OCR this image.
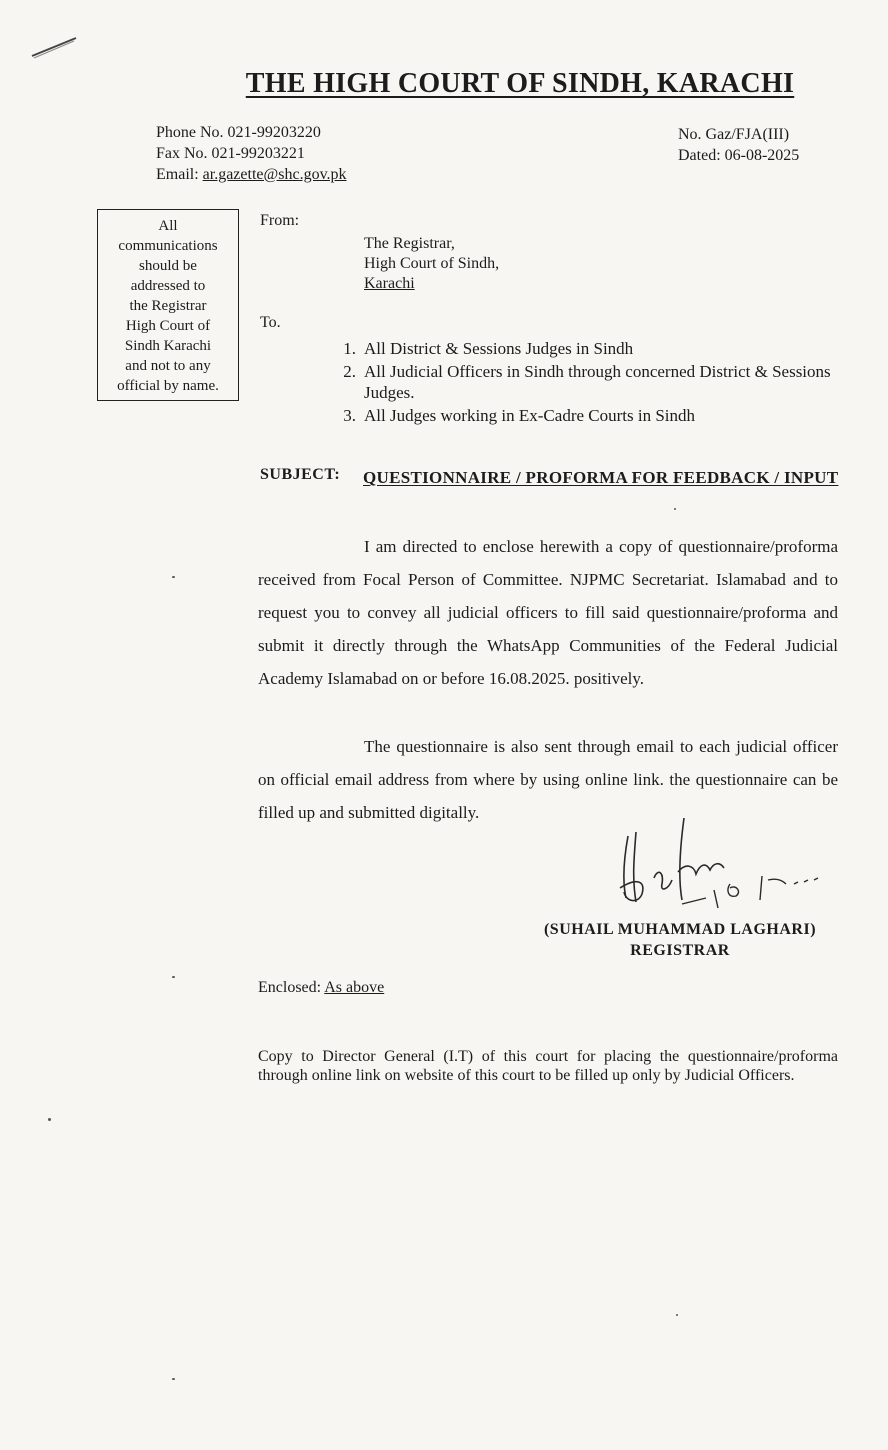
THE HIGH COURT OF SINDH, KARACHI
Phone No. 021-99203220
Fax No. 021-99203221
Email: ar.gazette@shc.gov.pk
No. Gaz/FJA(III)
Dated: 06-08-2025
All
communications
should be
addressed to
the Registrar
High Court of
Sindh Karachi
and not to any
official by name.
From:
The Registrar,
High Court of Sindh,
Karachi
To.
1. All District & Sessions Judges in Sindh
2. All Judicial Officers in Sindh through concerned District & Sessions Judges.
3. All Judges working in Ex-Cadre Courts in Sindh
SUBJECT: QUESTIONNAIRE / PROFORMA FOR FEEDBACK / INPUT
I am directed to enclose herewith a copy of questionnaire/proforma received from Focal Person of Committee. NJPMC Secretariat. Islamabad and to request you to convey all judicial officers to fill said questionnaire/proforma and submit it directly through the WhatsApp Communities of the Federal Judicial Academy Islamabad on or before 16.08.2025. positively.
The questionnaire is also sent through email to each judicial officer on official email address from where by using online link. the questionnaire can be filled up and submitted digitally.
(SUHAIL MUHAMMAD LAGHARI)
REGISTRAR
Enclosed: As above
Copy to Director General (I.T) of this court for placing the questionnaire/proforma through online link on website of this court to be filled up only by Judicial Officers.
